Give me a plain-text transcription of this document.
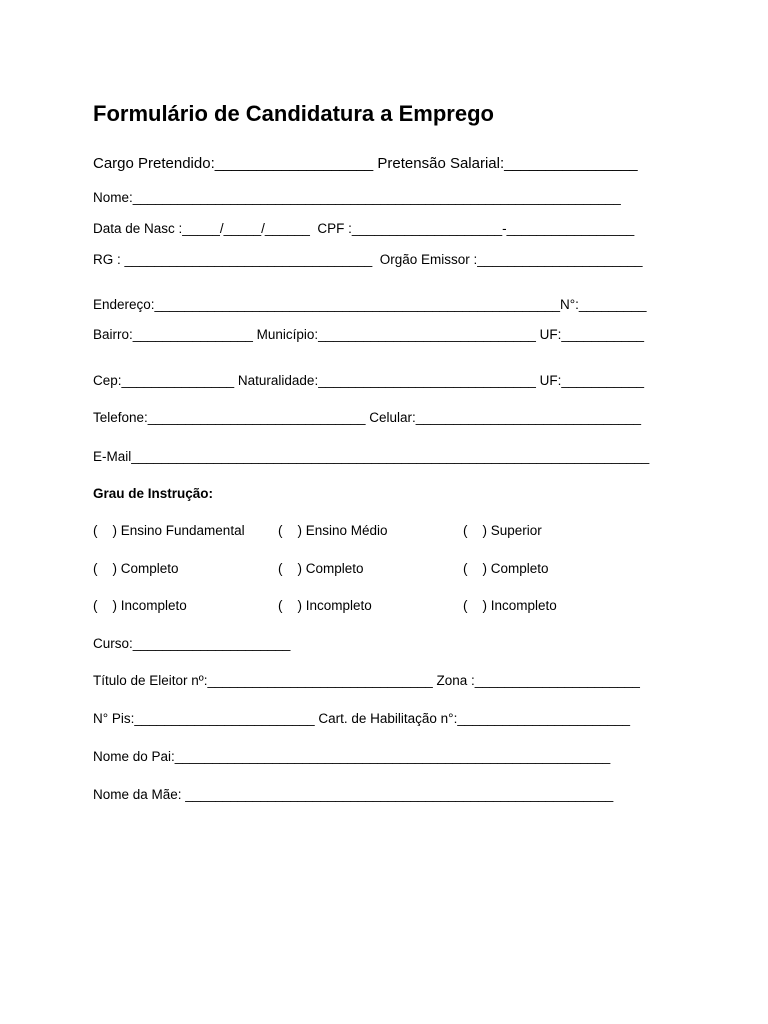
Formulário de Candidatura a Emprego
Cargo Pretendido:___________________ Pretensão Salarial:________________
Nome:_________________________________________________________________
Data de Nasc :_____/_____/______  CPF :____________________-_________________
RG : _________________________________  Orgão Emissor :______________________
Endereço:______________________________________________________N°:_________
Bairro:________________ Município:_____________________________ UF:___________
Cep:_______________ Naturalidade:_____________________________ UF:___________
Telefone:_____________________________ Celular:______________________________
E-Mail_____________________________________________________________________
Grau de Instrução:
(    ) Ensino Fundamental (    ) Ensino Médio	(    ) Superior
(    ) Completo	(    ) Completo	(    ) Completo
(    ) Incompleto	(    ) Incompleto	(    ) Incompleto
Curso:_____________________
Título de Eleitor nº:______________________________ Zona :______________________
N° Pis:________________________ Cart. de Habilitação n°:_______________________
Nome do Pai:__________________________________________________________
Nome da Mãe: _________________________________________________________
